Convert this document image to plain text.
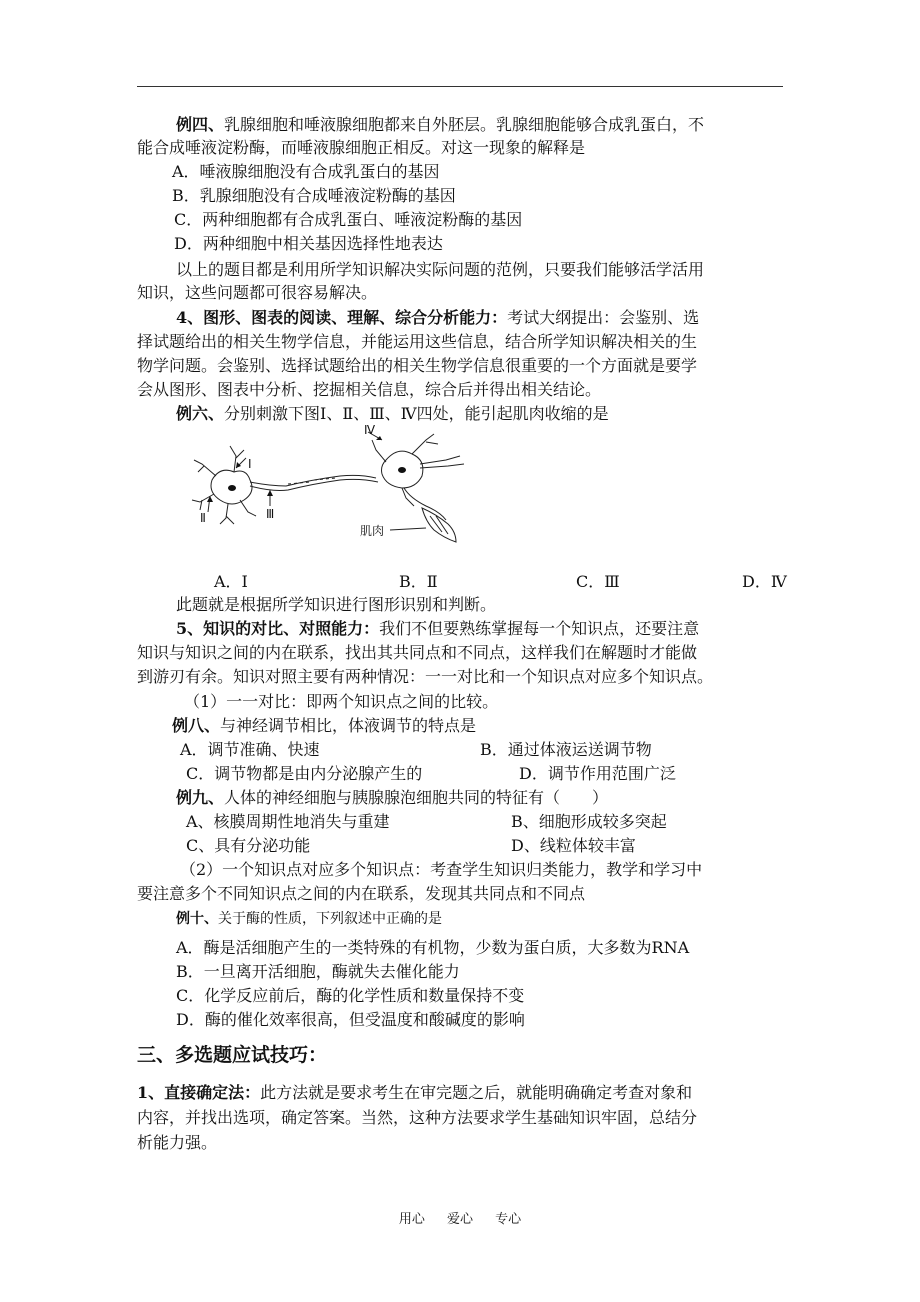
例四、乳腺细胞和唾液腺细胞都来自外胚层。乳腺细胞能够合成乳蛋白，不
能合成唾液淀粉酶，而唾液腺细胞正相反。对这一现象的解释是
A．唾液腺细胞没有合成乳蛋白的基因
B．乳腺细胞没有合成唾液淀粉酶的基因
C．两种细胞都有合成乳蛋白、唾液淀粉酶的基因
D．两种细胞中相关基因选择性地表达
以上的题目都是利用所学知识解决实际问题的范例，只要我们能够活学活用
知识，这些问题都可很容易解决。
4、图形、图表的阅读、理解、综合分析能力：考试大纲提出：会鉴别、选
择试题给出的相关生物学信息，并能运用这些信息，结合所学知识解决相关的生
物学问题。会鉴别、选择试题给出的相关生物学信息很重要的一个方面就是要学
会从图形、图表中分析、挖掘相关信息，综合后并得出相关结论。
例六、分别刺激下图Ⅰ、Ⅱ、Ⅲ、Ⅳ四处，能引起肌肉收缩的是
Ⅰ
Ⅱ	Ⅲ
Ⅳ
肌肉
A．Ⅰ	B．Ⅱ	C．Ⅲ	D．Ⅳ
此题就是根据所学知识进行图形识别和判断。
5、知识的对比、对照能力：我们不但要熟练掌握每一个知识点，还要注意
知识与知识之间的内在联系，找出其共同点和不同点，这样我们在解题时才能做
到游刃有余。知识对照主要有两种情况：一一对比和一个知识点对应多个知识点。
（1）一一对比：即两个知识点之间的比较。
例八、与神经调节相比，体液调节的特点是
A．调节准确、快速	B．通过体液运送调节物
C．调节物都是由内分泌腺产生的	D．调节作用范围广泛
例九、人体的神经细胞与胰腺腺泡细胞共同的特征有（　　）
A、核膜周期性地消失与重建	B、细胞形成较多突起
C、具有分泌功能	D、线粒体较丰富
（2）一个知识点对应多个知识点：考查学生知识归类能力，教学和学习中
要注意多个不同知识点之间的内在联系，发现其共同点和不同点
例十、关于酶的性质，下列叙述中正确的是
A．酶是活细胞产生的一类特殊的有机物，少数为蛋白质，大多数为RNA
B．一旦离开活细胞，酶就失去催化能力
C．化学反应前后，酶的化学性质和数量保持不变
D．酶的催化效率很高，但受温度和酸碱度的影响
三、多选题应试技巧：
1、直接确定法：此方法就是要求考生在审完题之后，就能明确确定考查对象和
内容，并找出选项，确定答案。当然，这种方法要求学生基础知识牢固，总结分
析能力强。
用心 爱心 专心
